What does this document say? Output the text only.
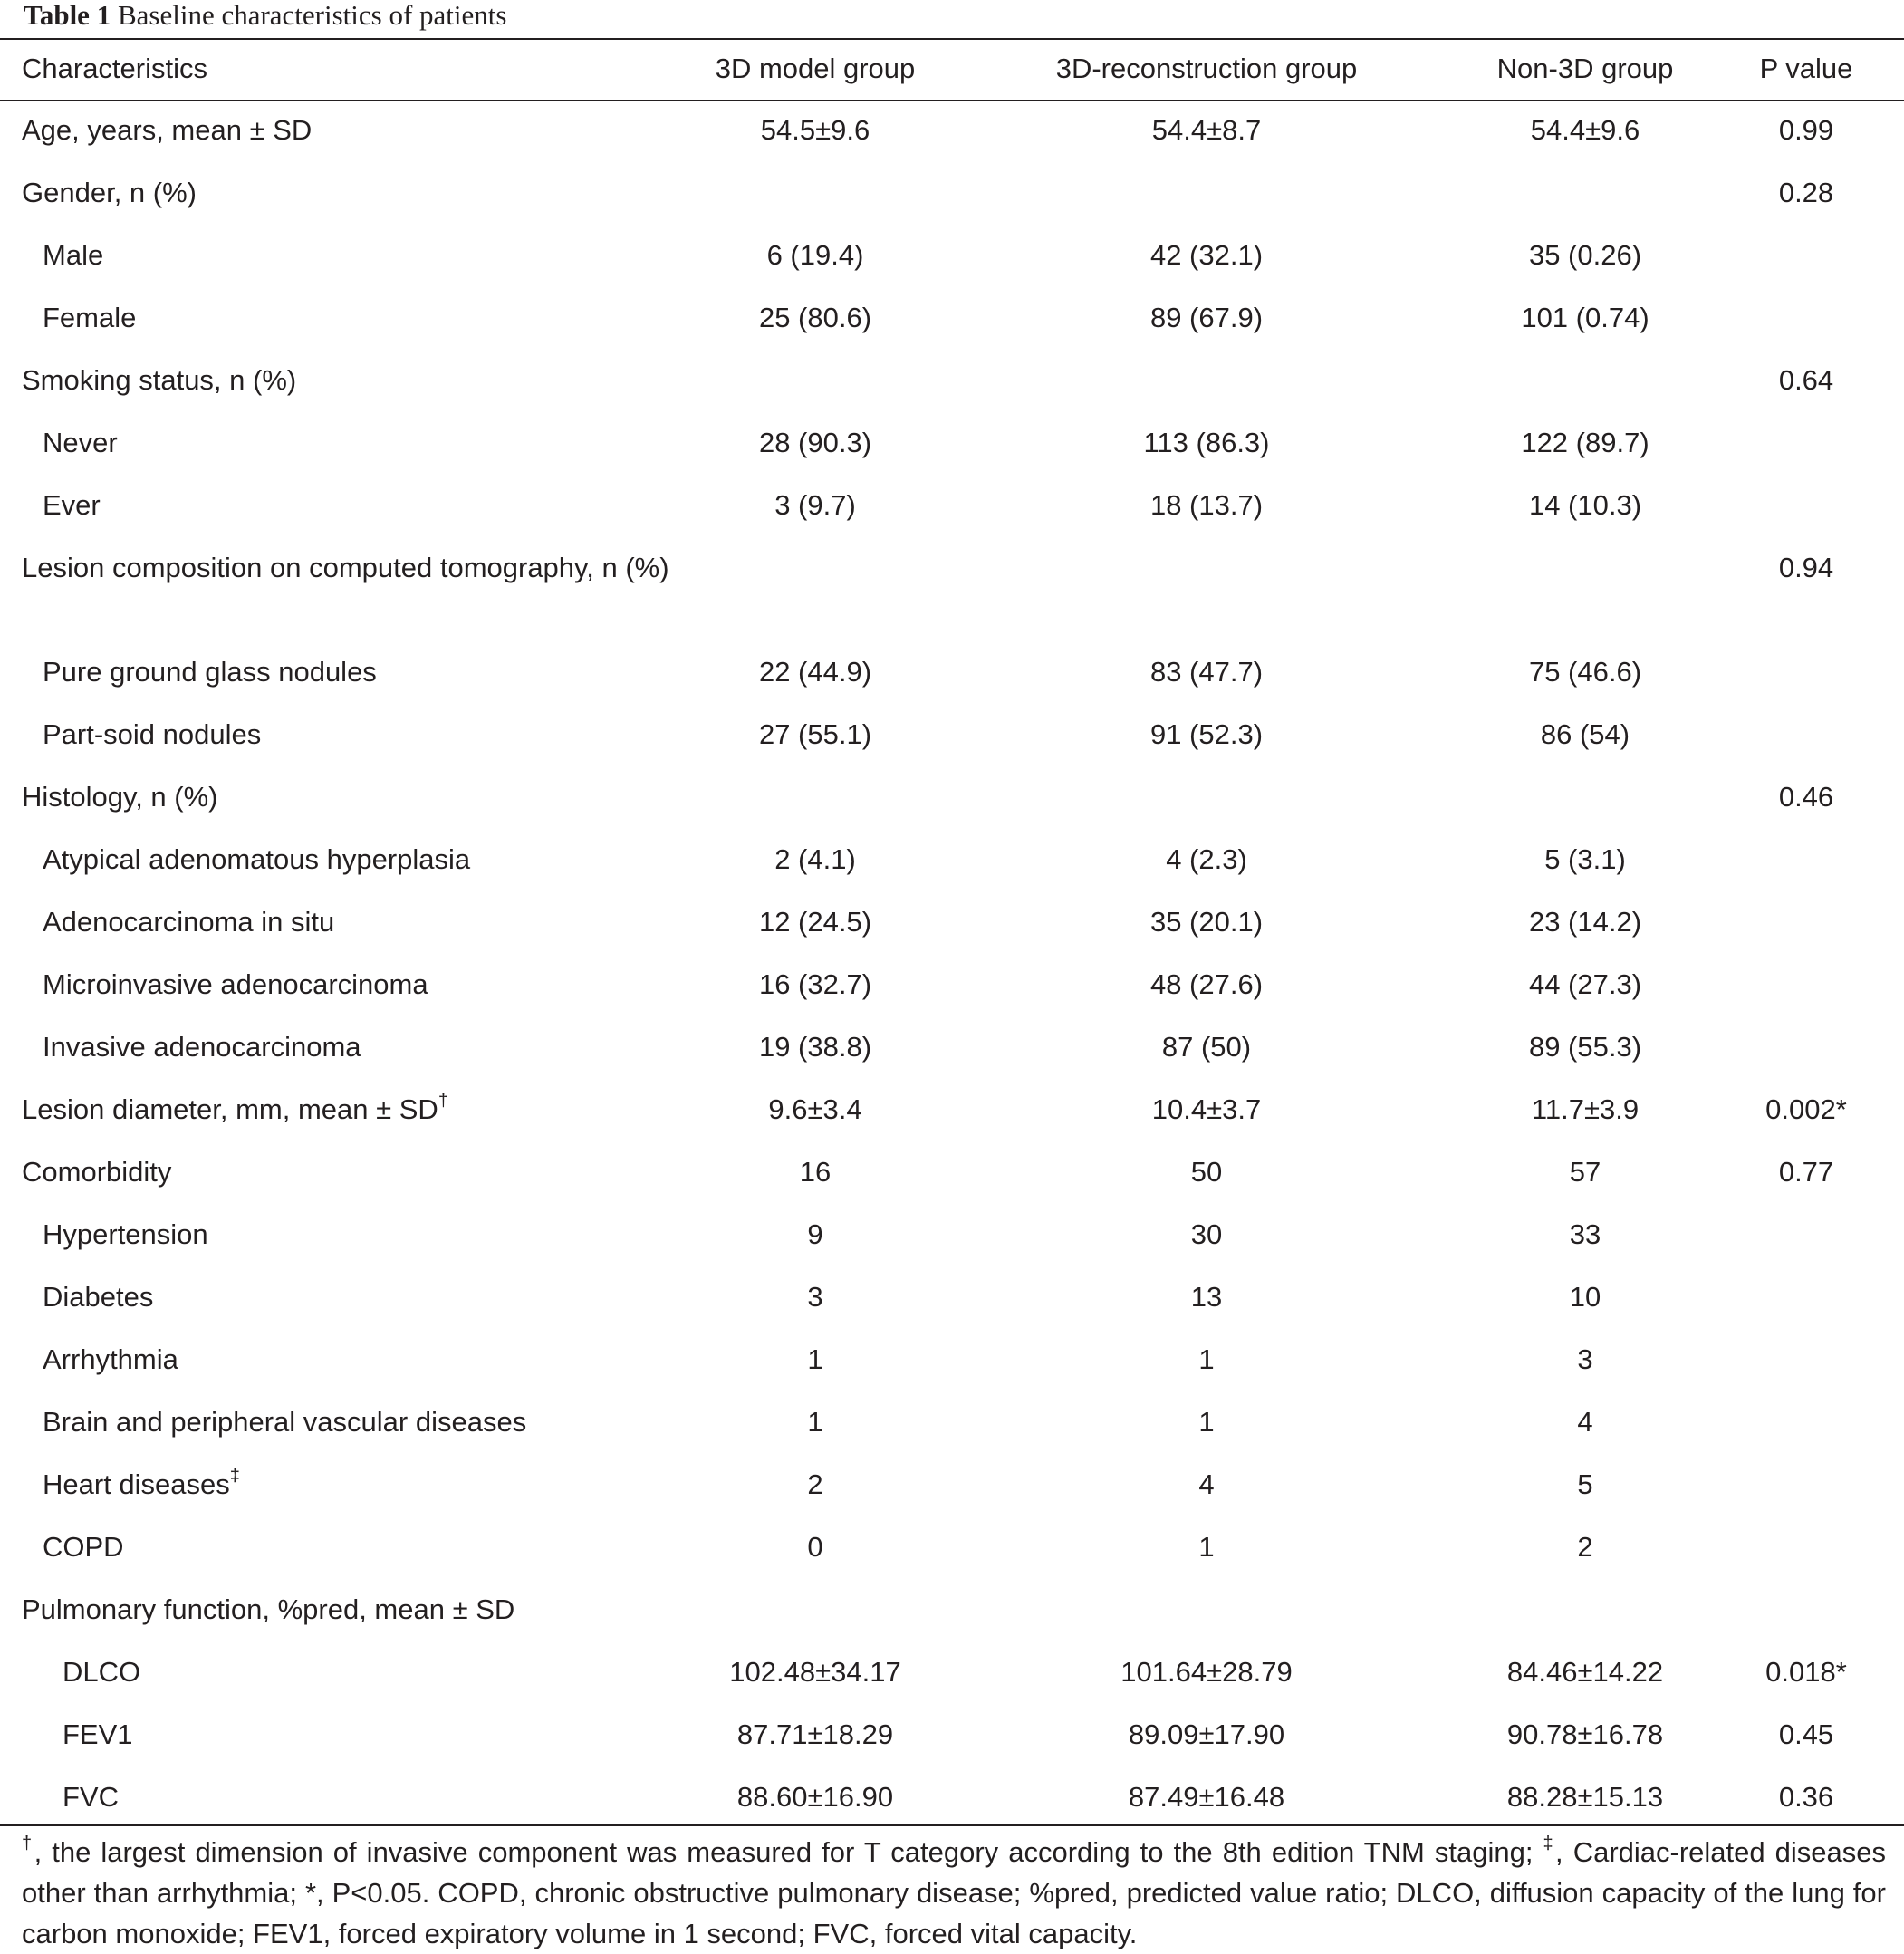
Table 1 Baseline characteristics of patients
Characteristics	3D model group	3D-reconstruction group	Non-3D group	P value
Age, years, mean ± SD	54.5±9.6	54.4±8.7	54.4±9.6	0.99
Gender, n (%)				0.28
Male	6 (19.4)	42 (32.1)	35 (0.26)	
Female	25 (80.6)	89 (67.9)	101 (0.74)	
Smoking status, n (%)				0.64
Never	28 (90.3)	113 (86.3)	122 (89.7)	
Ever	3 (9.7)	18 (13.7)	14 (10.3)	
Lesion composition on computed tomography, n (%)				0.94
Pure ground glass nodules	22 (44.9)	83 (47.7)	75 (46.6)	
Part-soid nodules	27 (55.1)	91 (52.3)	86 (54)	
Histology, n (%)				0.46
Atypical adenomatous hyperplasia	2 (4.1)	4 (2.3)	5 (3.1)	
Adenocarcinoma in situ	12 (24.5)	35 (20.1)	23 (14.2)	
Microinvasive adenocarcinoma	16 (32.7)	48 (27.6)	44 (27.3)	
Invasive adenocarcinoma	19 (38.8)	87 (50)	89 (55.3)	
Lesion diameter, mm, mean ± SD†	9.6±3.4	10.4±3.7	11.7±3.9	0.002*
Comorbidity	16	50	57	0.77
Hypertension	9	30	33	
Diabetes	3	13	10	
Arrhythmia	1	1	3	
Brain and peripheral vascular diseases	1	1	4	
Heart diseases‡	2	4	5	
COPD	0	1	2	
Pulmonary function, %pred, mean ± SD				
DLCO	102.48±34.17	101.64±28.79	84.46±14.22	0.018*
FEV1	87.71±18.29	89.09±17.90	90.78±16.78	0.45
FVC	88.60±16.90	87.49±16.48	88.28±15.13	0.36
†, the largest dimension of invasive component was measured for T category according to the 8th edition TNM staging; ‡, Cardiac-related diseases other than arrhythmia; *, P<0.05. COPD, chronic obstructive pulmonary disease; %pred, predicted value ratio; DLCO, diffusion capacity of the lung for carbon monoxide; FEV1, forced expiratory volume in 1 second; FVC, forced vital capacity.
